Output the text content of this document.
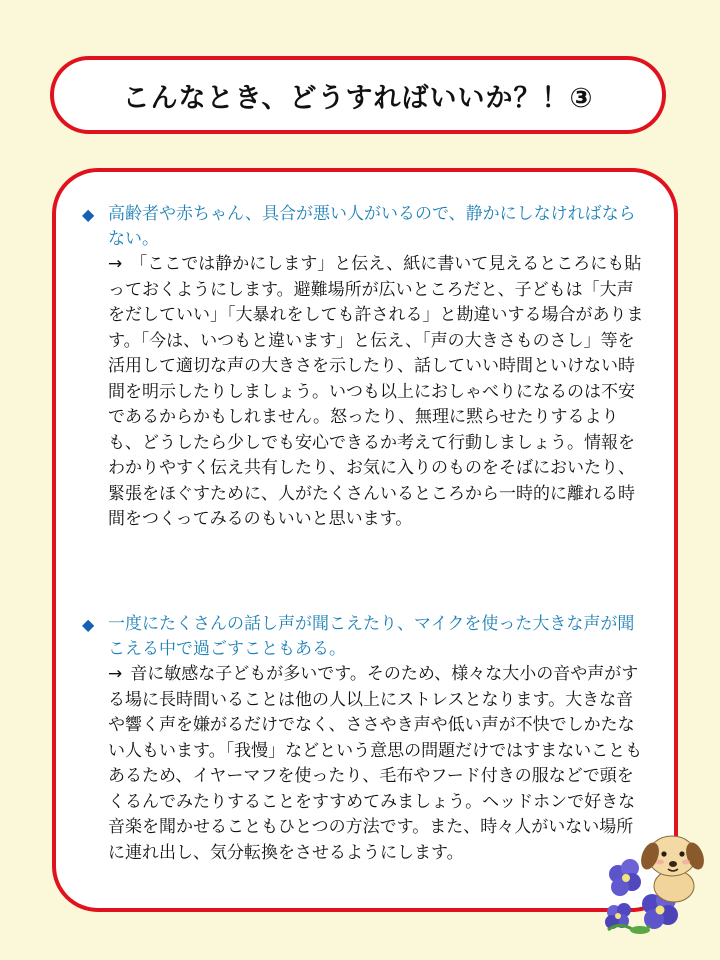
こんなとき、どうすればいいか？！③
◆ 高齢者や赤ちゃん、具合が悪い人がいるので、静かにしなければならない。
→ 「ここでは静かにします」と伝え、紙に書いて見えるところにも貼っておくようにします。避難場所が広いところだと、子どもは「大声をだしていい」「大暴れをしても許される」と勘違いする場合があります。「今は、いつもと違います」と伝え、「声の大きさものさし」等を活用して適切な声の大きさを示したり、話していい時間といけない時間を明示したりしましょう。いつも以上におしゃべりになるのは不安であるからかもしれません。怒ったり、無理に黙らせたりするよりも、どうしたら少しでも安心できるか考えて行動しましょう。情報をわかりやすく伝え共有したり、お気に入りのものをそばにおいたり、緊張をほぐすために、人がたくさんいるところから一時的に離れる時間をつくってみるのもいいと思います。
◆ 一度にたくさんの話し声が聞こえたり、マイクを使った大きな声が聞こえる中で過ごすこともある。
→ 音に敏感な子どもが多いです。そのため、様々な大小の音や声がする場に長時間いることは他の人以上にストレスとなります。大きな音や響く声を嫌がるだけでなく、ささやき声や低い声が不快でしかたない人もいます。「我慢」などという意思の問題だけではすまないこともあるため、イヤーマフを使ったり、毛布やフード付きの服などで頭をくるんでみたりすることをすすめてみましょう。ヘッドホンで好きな音楽を聞かせることもひとつの方法です。また、時々人がいない場所に連れ出し、気分転換をさせるようにします。
